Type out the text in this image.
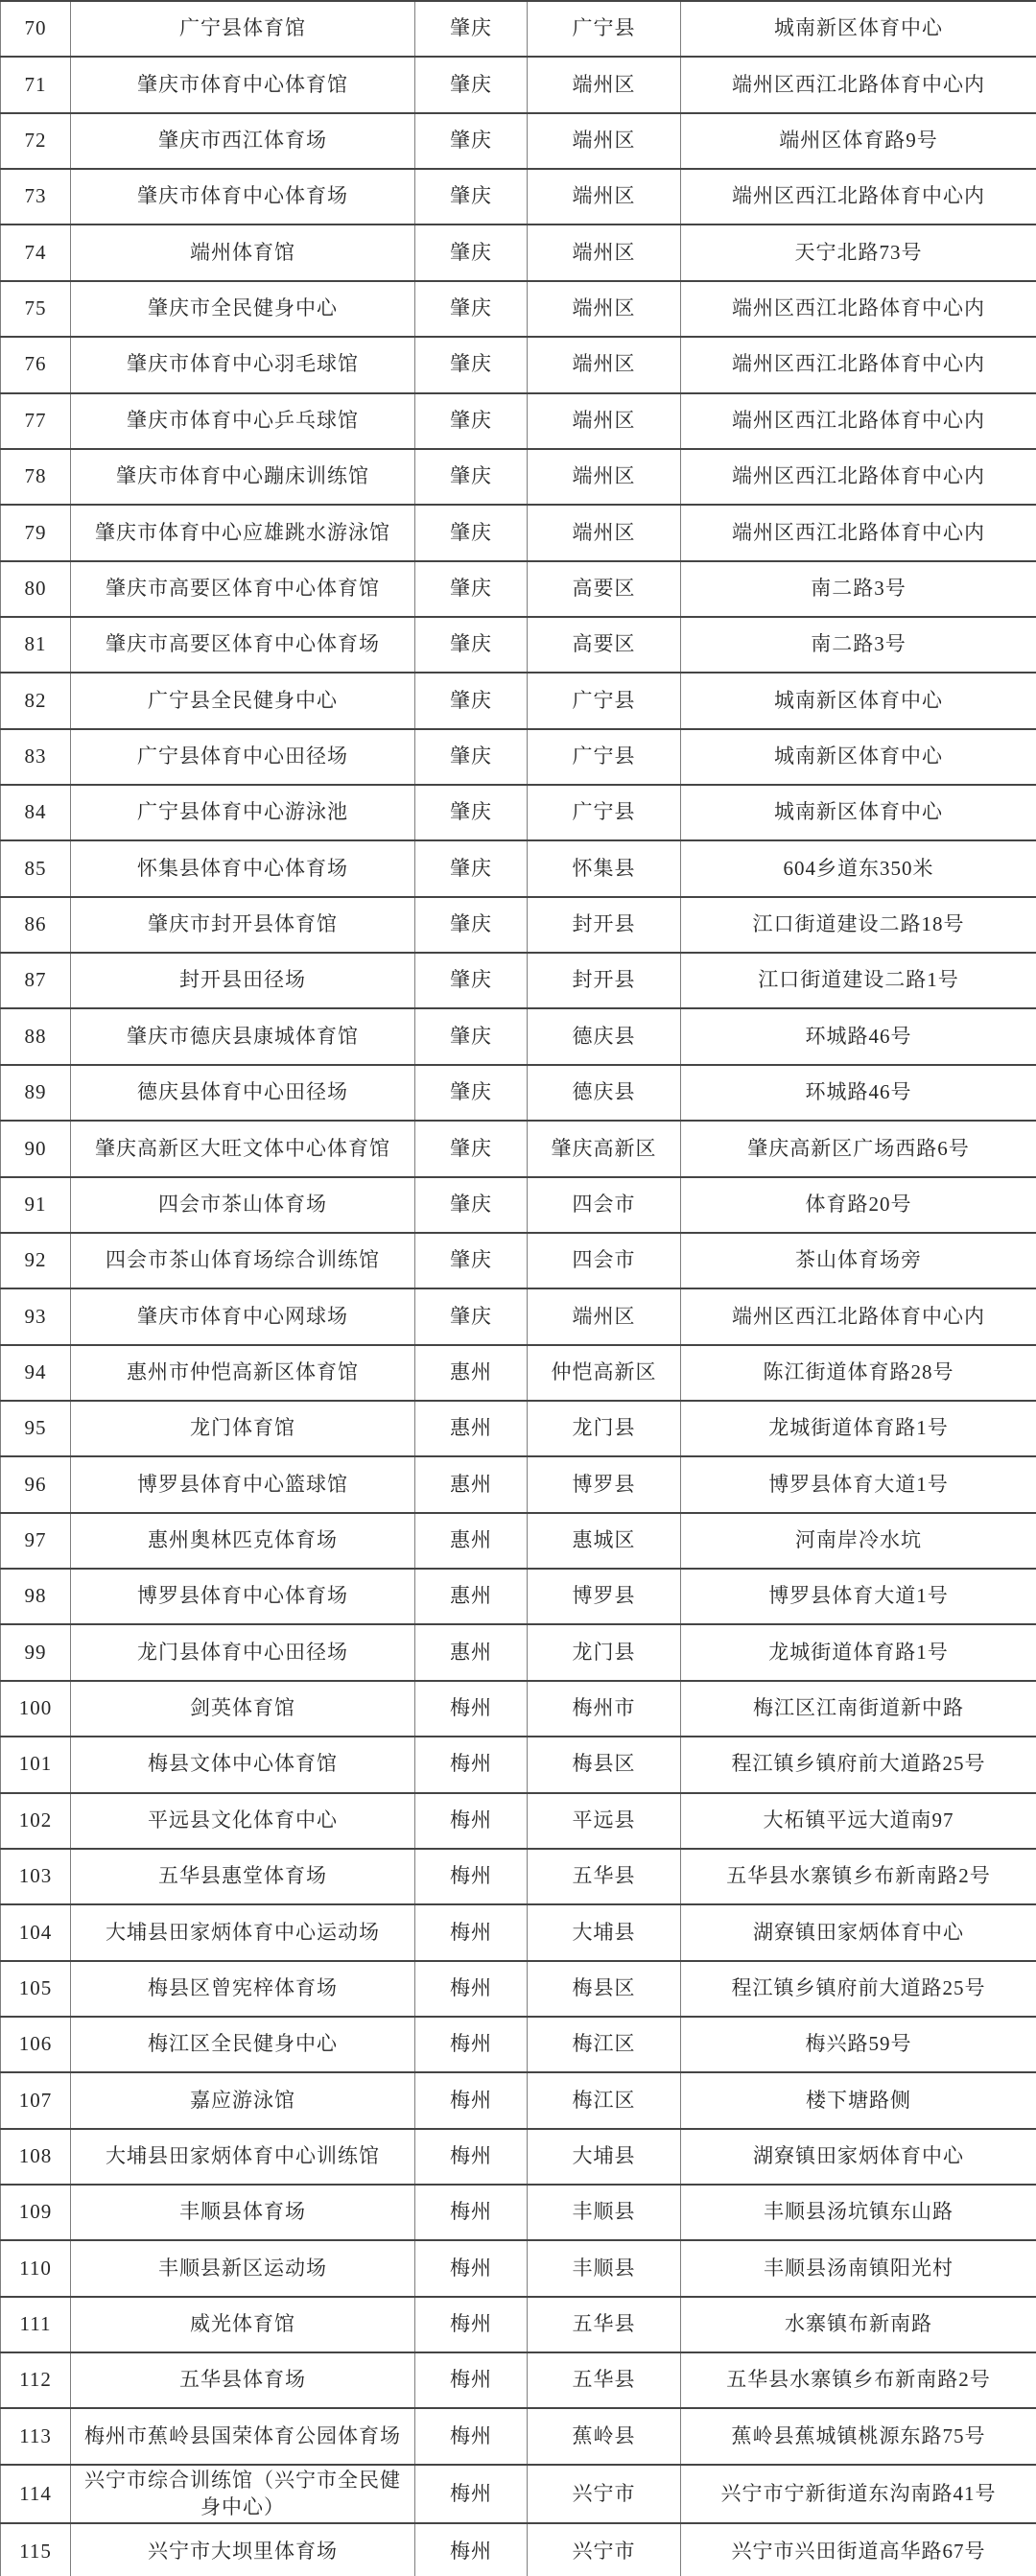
70	广宁县体育馆	肇庆	广宁县	城南新区体育中心
71	肇庆市体育中心体育馆	肇庆	端州区	端州区西江北路体育中心内
72	肇庆市西江体育场	肇庆	端州区	端州区体育路9号
73	肇庆市体育中心体育场	肇庆	端州区	端州区西江北路体育中心内
74	端州体育馆	肇庆	端州区	天宁北路73号
75	肇庆市全民健身中心	肇庆	端州区	端州区西江北路体育中心内
76	肇庆市体育中心羽毛球馆	肇庆	端州区	端州区西江北路体育中心内
77	肇庆市体育中心乒乓球馆	肇庆	端州区	端州区西江北路体育中心内
78	肇庆市体育中心蹦床训练馆	肇庆	端州区	端州区西江北路体育中心内
79	肇庆市体育中心应雄跳水游泳馆	肇庆	端州区	端州区西江北路体育中心内
80	肇庆市高要区体育中心体育馆	肇庆	高要区	南二路3号
81	肇庆市高要区体育中心体育场	肇庆	高要区	南二路3号
82	广宁县全民健身中心	肇庆	广宁县	城南新区体育中心
83	广宁县体育中心田径场	肇庆	广宁县	城南新区体育中心
84	广宁县体育中心游泳池	肇庆	广宁县	城南新区体育中心
85	怀集县体育中心体育场	肇庆	怀集县	604乡道东350米
86	肇庆市封开县体育馆	肇庆	封开县	江口街道建设二路18号
87	封开县田径场	肇庆	封开县	江口街道建设二路1号
88	肇庆市德庆县康城体育馆	肇庆	德庆县	环城路46号
89	德庆县体育中心田径场	肇庆	德庆县	环城路46号
90	肇庆高新区大旺文体中心体育馆	肇庆	肇庆高新区	肇庆高新区广场西路6号
91	四会市茶山体育场	肇庆	四会市	体育路20号
92	四会市茶山体育场综合训练馆	肇庆	四会市	茶山体育场旁
93	肇庆市体育中心网球场	肇庆	端州区	端州区西江北路体育中心内
94	惠州市仲恺高新区体育馆	惠州	仲恺高新区	陈江街道体育路28号
95	龙门体育馆	惠州	龙门县	龙城街道体育路1号
96	博罗县体育中心篮球馆	惠州	博罗县	博罗县体育大道1号
97	惠州奥林匹克体育场	惠州	惠城区	河南岸冷水坑
98	博罗县体育中心体育场	惠州	博罗县	博罗县体育大道1号
99	龙门县体育中心田径场	惠州	龙门县	龙城街道体育路1号
100	剑英体育馆	梅州	梅州市	梅江区江南街道新中路
101	梅县文体中心体育馆	梅州	梅县区	程江镇乡镇府前大道路25号
102	平远县文化体育中心	梅州	平远县	大柘镇平远大道南97
103	五华县惠堂体育场	梅州	五华县	五华县水寨镇乡布新南路2号
104	大埔县田家炳体育中心运动场	梅州	大埔县	湖寮镇田家炳体育中心
105	梅县区曾宪梓体育场	梅州	梅县区	程江镇乡镇府前大道路25号
106	梅江区全民健身中心	梅州	梅江区	梅兴路59号
107	嘉应游泳馆	梅州	梅江区	楼下塘路侧
108	大埔县田家炳体育中心训练馆	梅州	大埔县	湖寮镇田家炳体育中心
109	丰顺县体育场	梅州	丰顺县	丰顺县汤坑镇东山路
110	丰顺县新区运动场	梅州	丰顺县	丰顺县汤南镇阳光村
111	威光体育馆	梅州	五华县	水寨镇布新南路
112	五华县体育场	梅州	五华县	五华县水寨镇乡布新南路2号
113	梅州市蕉岭县国荣体育公园体育场	梅州	蕉岭县	蕉岭县蕉城镇桃源东路75号
114	兴宁市综合训练馆（兴宁市全民健身中心）	梅州	兴宁市	兴宁市宁新街道东沟南路41号
115	兴宁市大坝里体育场	梅州	兴宁市	兴宁市兴田街道高华路67号
